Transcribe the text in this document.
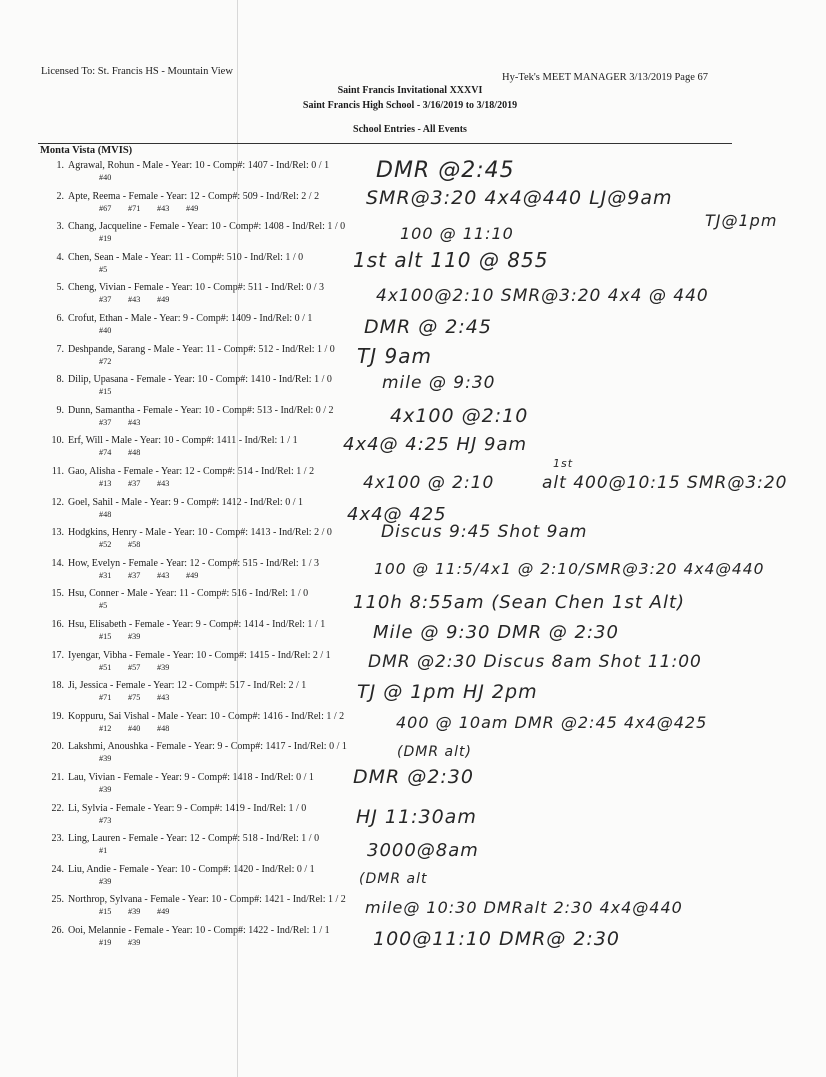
Licensed To: St. Francis HS - Mountain View
Hy-Tek's MEET MANAGER 3/13/2019 Page 67
Saint Francis Invitational XXXVI
Saint Francis High School - 3/16/2019 to 3/18/2019
School Entries - All Events
Monta Vista (MVIS)
1. Agrawal, Rohun - Male - Year: 10 - Comp#: 1407 - Ind/Rel: 0 / 1
#40
2. Apte, Reema - Female - Year: 12 - Comp#: 509 - Ind/Rel: 2 / 2
#67 #71 #43 #49
3. Chang, Jacqueline - Female - Year: 10 - Comp#: 1408 - Ind/Rel: 1 / 0
#19
4. Chen, Sean - Male - Year: 11 - Comp#: 510 - Ind/Rel: 1 / 0
#5
5. Cheng, Vivian - Female - Year: 10 - Comp#: 511 - Ind/Rel: 0 / 3
#37 #43 #49
6. Crofut, Ethan - Male - Year: 9 - Comp#: 1409 - Ind/Rel: 0 / 1
#40
7. Deshpande, Sarang - Male - Year: 11 - Comp#: 512 - Ind/Rel: 1 / 0
#72
8. Dilip, Upasana - Female - Year: 10 - Comp#: 1410 - Ind/Rel: 1 / 0
#15
9. Dunn, Samantha - Female - Year: 10 - Comp#: 513 - Ind/Rel: 0 / 2
#37 #43
10. Erf, Will - Male - Year: 10 - Comp#: 1411 - Ind/Rel: 1 / 1
#74 #48
11. Gao, Alisha - Female - Year: 12 - Comp#: 514 - Ind/Rel: 1 / 2
#13 #37 #43
12. Goel, Sahil - Male - Year: 9 - Comp#: 1412 - Ind/Rel: 0 / 1
#48
13. Hodgkins, Henry - Male - Year: 10 - Comp#: 1413 - Ind/Rel: 2 / 0
#52 #58
14. How, Evelyn - Female - Year: 12 - Comp#: 515 - Ind/Rel: 1 / 3
#31 #37 #43 #49
15. Hsu, Conner - Male - Year: 11 - Comp#: 516 - Ind/Rel: 1 / 0
#5
16. Hsu, Elisabeth - Female - Year: 9 - Comp#: 1414 - Ind/Rel: 1 / 1
#15 #39
17. Iyengar, Vibha - Female - Year: 10 - Comp#: 1415 - Ind/Rel: 2 / 1
#51 #57 #39
18. Ji, Jessica - Female - Year: 12 - Comp#: 517 - Ind/Rel: 2 / 1
#71 #75 #43
19. Koppuru, Sai Vishal - Male - Year: 10 - Comp#: 1416 - Ind/Rel: 1 / 2
#12 #40 #48
20. Lakshmi, Anoushka - Female - Year: 9 - Comp#: 1417 - Ind/Rel: 0 / 1
#39
21. Lau, Vivian - Female - Year: 9 - Comp#: 1418 - Ind/Rel: 0 / 1
#39
22. Li, Sylvia - Female - Year: 9 - Comp#: 1419 - Ind/Rel: 1 / 0
#73
23. Ling, Lauren - Female - Year: 12 - Comp#: 518 - Ind/Rel: 1 / 0
#1
24. Liu, Andie - Female - Year: 10 - Comp#: 1420 - Ind/Rel: 0 / 1
#39
25. Northrop, Sylvana - Female - Year: 10 - Comp#: 1421 - Ind/Rel: 1 / 2
#15 #39 #49
26. Ooi, Melannie - Female - Year: 10 - Comp#: 1422 - Ind/Rel: 1 / 1
#19 #39
DMR @2:45
SMR@3:20 4x4@440 LJ@9am
TJ@1pm
100 @ 11:10
1st alt 110 @ 855
4x100@2:10 SMR@3:20 4x4 @ 440
DMR @ 2:45
TJ 9am
mile @ 9:30
4x100 @2:10
4x4@ 4:25 HJ 9am
1st
4x100 @ 2:10	alt 400@10:15 SMR@3:20
4x4@ 425
Discus 9:45 Shot 9am
100 @ 11:5/4x1 @ 2:10/SMR@3:20 4x4@440
110h 8:55am (Sean Chen 1st Alt)
Mile @ 9:30 DMR @ 2:30
DMR @2:30 Discus 8am Shot 11:00
TJ @ 1pm HJ 2pm
400 @ 10am DMR @2:45 4x4@425
(DMR alt)
DMR @2:30
HJ 11:30am
3000@8am
(DMR alt
mile@ 10:30 DMRalt 2:30 4x4@440
100@11:10 DMR@ 2:30
